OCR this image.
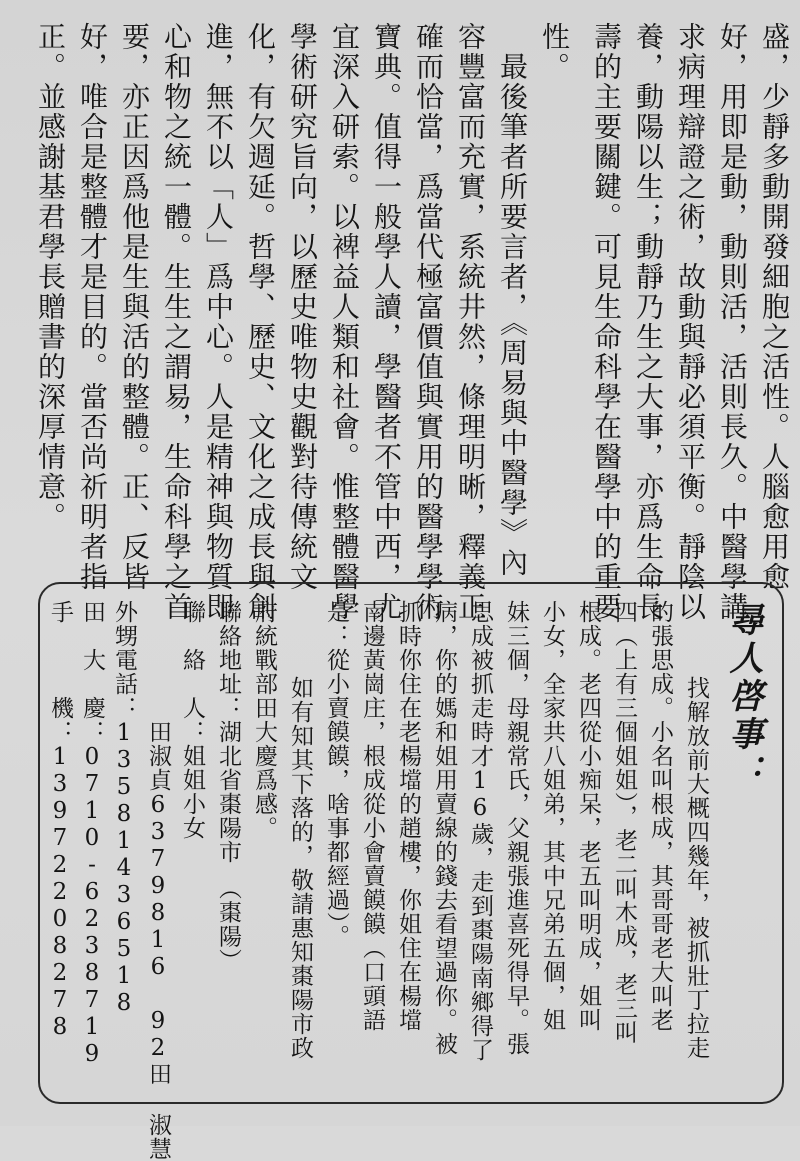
性。 壽的主要關鍵。可見生命科學在醫學中的重要 養，動陽以生；動靜乃生之大事，亦爲生命長 求病理辯證之術，故動與靜必須平衡。靜陰以 好，用即是動，動則活，活則長久。中醫學講 盛，少靜多動開發細胞之活性。人腦愈用愈
　最後筆者所要言者，《周易與中醫學》內
容豐富而充實，系統井然，條理明晰，釋義正
確而恰當，爲當代極富價值與實用的醫學學術
寶典。值得一般學人讀，學醫者不管中西，尤
宜深入研索。以裨益人類和社會。惟整體醫學
學術研究旨向，以歷史唯物史觀對待傳統文
化，有欠週延。哲學、歷史、文化之成長與創
進，無不以「人」爲中心。人是精神與物質即
心和物之統一體。生生之謂易，生命科學之首
要，亦正因爲他是生與活的整體。正、反皆
好，唯合是整體才是目的。當否尚祈明者指
正。並感謝基君學長贈書的深厚情意。
尋人啓事：
　找解放前大概四幾年，被抓壯丁拉走
的張思成。小名叫根成，其哥哥老大叫老
四（上有三個姐姐），老二叫木成，老三叫
根成。老四從小痴呆，老五叫明成，姐叫
小女，全家共八姐弟，其中兄弟五個，姐
妹三個，母親常氏，父親張進喜死得早。張
思成被抓走時才16歲，走到棗陽南鄉得了
病，你的媽和姐用賣線的錢去看望過你。被
抓時你住在老楊壋的趙樓，你姐住在楊壋
南邊黃崗庄，根成從小會賣饃饃（口頭語
是：從小賣饃饃，啥事都經過）。
　如有知其下落的，敬請惠知棗陽市政
府統戰部田大慶爲感。
聯絡地址：湖北省棗陽市　（棗陽）
聯　絡　人：姐姐小女
　　　　　田淑貞6379816 92田 淑慧
外甥電話：13581436518
田　大　慶：0710-6238719
手　　　機：13972208278
